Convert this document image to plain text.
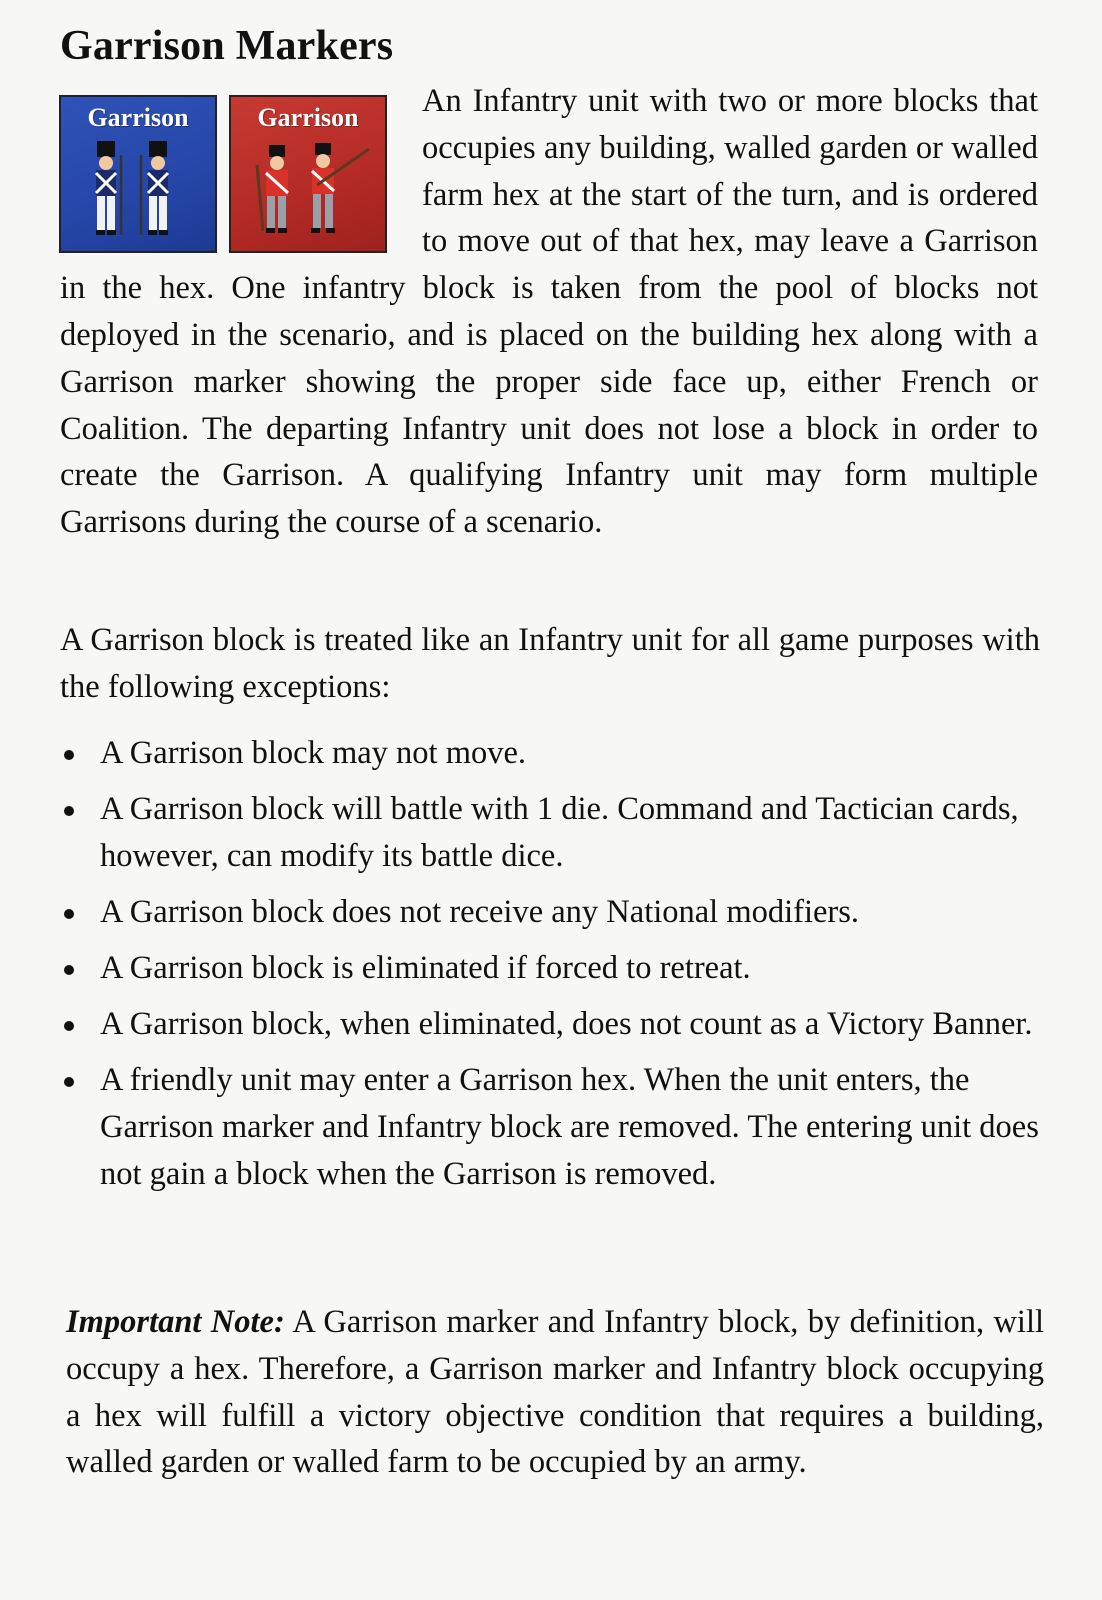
Garrison Markers
Garrison	Garrison	An Infantry unit with two or more blocks that occupies any building, walled garden or walled farm hex at the start of the turn, and is ordered to move out of that hex, may leave a Garrison in the hex. One infantry block is taken from the pool of blocks not deployed in the scenario, and is placed on the building hex along with a Garrison marker showing the proper side face up, either French or Coalition. The departing Infantry unit does not lose a block in order to create the Garrison. A qualifying Infantry unit may form multiple Garrisons during the course of a scenario.

A Garrison block is treated like an Infantry unit for all game purposes with the following exceptions:

A Garrison block may not move.
A Garrison block will battle with 1 die. Command and Tactician cards, however, can modify its battle dice.
A Garrison block does not receive any National modifiers.
A Garrison block is eliminated if forced to retreat.
A Garrison block, when eliminated, does not count as a Victory Banner.
A friendly unit may enter a Garrison hex. When the unit enters, the Garrison marker and Infantry block are removed. The entering unit does not gain a block when the Garrison is removed.

Important Note: A Garrison marker and Infantry block, by definition, will occupy a hex. Therefore, a Garrison marker and Infantry block occupying a hex will fulfill a victory objective condition that requires a building, walled garden or walled farm to be occupied by an army.
